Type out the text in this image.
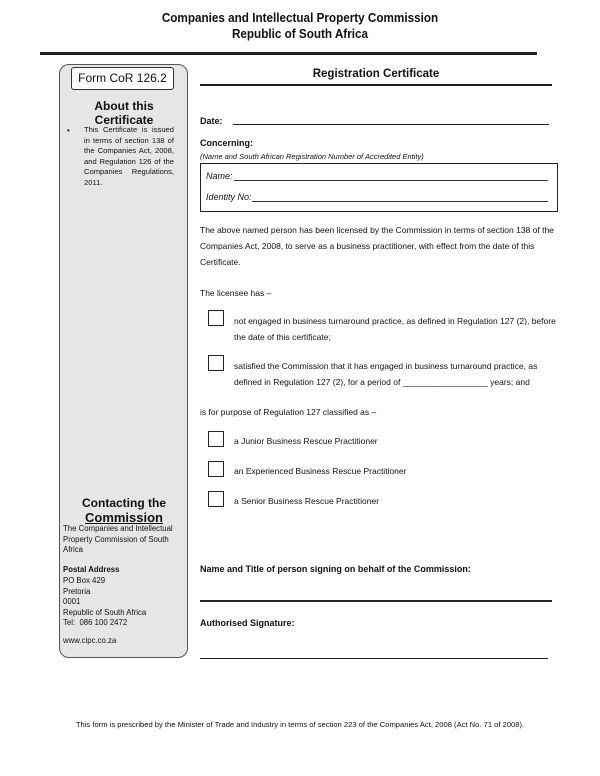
Companies and Intellectual Property Commission
Republic of South Africa
Form CoR 126.2
About this Certificate
•	This Certificate is issued in terms of section 138 of the Companies Act, 2008, and Regulation 126 of the Companies Regulations, 2011.
Contacting the
Commission
The Companies and Intellectual Property Commission of South Africa
Postal Address
PO Box 429
Pretoria
0001
Republic of South Africa
Tel:  086 100 2472
www.cipc.co.za
Registration Certificate
Date:
Concerning:
(Name and South African Registration Number of Accredited Entity)
Name:
Identity No:
The above named person has been licensed by the Commission in terms of section 138 of the Companies Act, 2008, to serve as a business practitioner, with effect from the date of this Certificate.
The licensee has –
not engaged in business turnaround practice, as defined in Regulation 127 (2), before the date of this certificate;
satisfied the Commission that it has engaged in business turnaround practice, as defined in Regulation 127 (2), for a period of __________________ years; and
is for purpose of Regulation 127 classified as –
a Junior Business Rescue Practitioner
an Experienced Business Rescue Practitioner
a Senior Business Rescue Practitioner
Name and Title of person signing on behalf of the Commission:
Authorised Signature:
This form is prescribed by the Minister of Trade and Industry in terms of section 223 of the Companies Act, 2008 (Act No. 71 of 2008).
